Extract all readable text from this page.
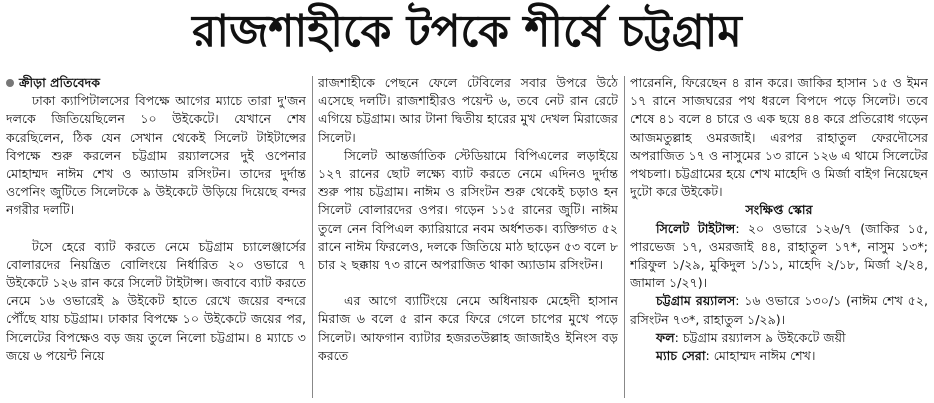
রাজশাহীকে টপকে শীর্ষে চট্টগ্রাম

ক্রীড়া প্রতিবেদক

ঢাকা ক্যাপিটালসের বিপক্ষে আগের ম্যাচে তারা দু'জন দলকে জিতিয়েছিলেন ১০ উইকেটে। যেখানে শেষ করেছিলেন, ঠিক যেন সেখান থেকেই সিলেট টাইটান্সের বিপক্ষে শুরু করলেন চট্টগ্রাম রয়্যালসের দুই ওপেনার মোহাম্মদ নাঈম শেখ ও অ্যাডাম রসিংটন। তাদের দুর্দান্ত ওপেনিং জুটিতে সিলেটকে ৯ উইকেটে উড়িয়ে দিয়েছে বন্দর নগরীর দলটি।

টসে হেরে ব্যাট করতে নেমে চট্টগ্রাম চ্যালেঞ্জার্সের বোলারদের নিয়ন্ত্রিত বোলিংয়ে নির্ধারিত ২০ ওভারে ৭ উইকেটে ১২৬ রান করে সিলেট টাইটান্স। জবাবে ব্যাট করতে নেমে ১৬ ওভারেই ৯ উইকেট হাতে রেখে জয়ের বন্দরে পৌঁছে যায় চট্টগ্রাম। ঢাকার বিপক্ষে ১০ উইকেটে জয়ের পর, সিলেটের বিপক্ষেও বড় জয় তুলে নিলো চট্টগ্রাম। ৪ ম্যাচে ৩ জয়ে ৬ পয়েন্ট নিয়ে

রাজশাহীকে পেছনে ফেলে টেবিলের সবার উপরে উঠে এসেছে দলটি। রাজশাহীরও পয়েন্ট ৬, তবে নেট রান রেটে এগিয়ে চট্টগ্রাম। আর টানা দ্বিতীয় হারের মুখ দেখল মিরাজের সিলেট।

সিলেট আন্তর্জাতিক স্টেডিয়ামে বিপিএলের লড়াইয়ে ১২৭ রানের ছোট লক্ষ্যে ব্যাট করতে নেমে এদিনও দুর্দান্ত শুরু পায় চট্টগ্রাম। নাঈম ও রসিংটন শুরু থেকেই চড়াও হন সিলেট বোলারদের ওপর। গড়েন ১১৫ রানের জুটি। নাঈম তুলে নেন বিপিএল ক্যারিয়ারে নবম অর্ধশতক। ব্যক্তিগত ৫২ রানে নাঈম ফিরলেও, দলকে জিতিয়ে মাঠ ছাড়েন ৫৩ বলে ৮ চার ২ ছক্কায় ৭৩ রানে অপরাজিত থাকা অ্যাডাম রসিংটন।

এর আগে ব্যাটিংয়ে নেমে অধিনায়ক মেহেদী হাসান মিরাজ ৬ বলে ৫ রান করে ফিরে গেলে চাপের মুখে পড়ে সিলেট। আফগান ব্যাটার হজরতউল্লাহ জাজাইও ইনিংস বড় করতে

পারেননি, ফিরেছেন ৪ রান করে। জাকির হাসান ১৫ ও ইমন ১৭ রানে সাজঘরের পথ ধরলে বিপদে পড়ে সিলেট। তবে শেষে ৪১ বলে ৪ চারে ও এক ছয়ে ৪৪ করে প্রতিরোধ গড়েন আজমতুল্লাহ ওমরজাই। এরপর রাহাতুল ফেরদৌসের অপরাজিত ১৭ ও নাসুমের ১৩ রানে ১২৬ এ থামে সিলেটের পথচলা। চট্টগ্রামের হয়ে শেখ মাহেদি ও মির্জা বাইগ নিয়েছেন দুটো করে উইকেট।

সংক্ষিপ্ত স্কোর

সিলেট টাইটান্স: ২০ ওভারে ১২৬/৭ (জাকির ১৫, পারভেজ ১৭, ওমরজাই ৪৪, রাহাতুল ১৭*, নাসুম ১৩*; শরিফুল ১/২৯, মুকিদুল ১/১১, মাহেদি ২/১৮, মির্জা ২/২৪, জামাল ১/২৭)।

চট্টগ্রাম রয়্যালস: ১৬ ওভারে ১৩০/১ (নাঈম শেখ ৫২, রসিংটন ৭৩*, রাহাতুল ১/২৯)।

ফল: চট্টগ্রাম রয়্যালস ৯ উইকেটে জয়ী

ম্যাচ সেরা: মোহাম্মদ নাঈম শেখ।
